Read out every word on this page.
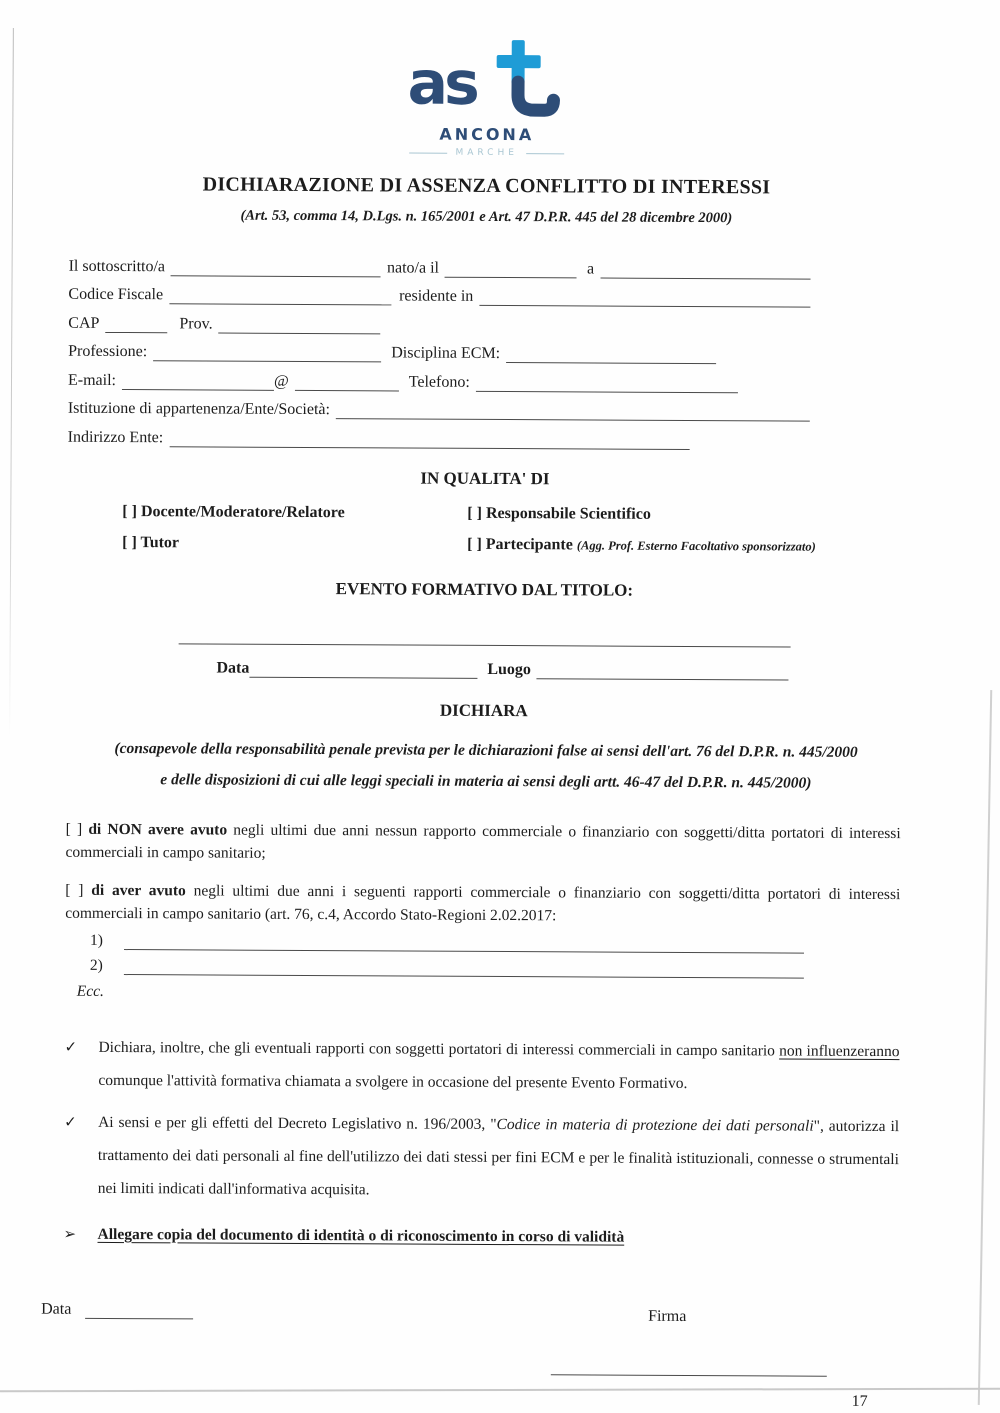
as
ANCONA
MARCHE
DICHIARAZIONE DI ASSENZA CONFLITTO DI INTERESSI
(Art. 53, comma 14, D.Lgs. n. 165/2001 e Art. 47 D.P.R. 445 del 28 dicembre 2000)
Il sottoscritto/a	nato/a il	a
Codice Fiscale	residente in
CAP	Prov.
Professione:	Disciplina ECM:
E-mail:	@	Telefono:
Istituzione di appartenenza/Ente/Società:
Indirizzo Ente:
IN QUALITA' DI
[ ] Docente/Moderatore/Relatore	[ ] Responsabile Scientifico
[ ] Tutor	[ ] Partecipante (Agg. Prof. Esterno Facoltativo sponsorizzato)
EVENTO FORMATIVO DAL TITOLO:
Data	Luogo
DICHIARA
(consapevole della responsabilità penale prevista per le dichiarazioni false ai sensi dell'art. 76 del D.P.R. n. 445/2000
e delle disposizioni di cui alle leggi speciali in materia ai sensi degli artt. 46-47 del D.P.R. n. 445/2000)

[ ] di NON avere avuto negli ultimi due anni nessun rapporto commerciale o finanziario con soggetti/ditta portatori di interessi commerciali in campo sanitario;

[ ] di aver avuto negli ultimi due anni i seguenti rapporti commerciale o finanziario con soggetti/ditta portatori di interessi commerciali in campo sanitario (art. 76, c.4, Accordo Stato-Regioni 2.02.2017:

1)
2)
Ecc.
✓	Dichiara, inoltre, che gli eventuali rapporti con soggetti portatori di interessi commerciali in campo sanitario non influenzeranno comunque l'attività formativa chiamata a svolgere in occasione del presente Evento Formativo.
✓	Ai sensi e per gli effetti del Decreto Legislativo n. 196/2003, "Codice in materia di protezione dei dati personali", autorizza il trattamento dei dati personali al fine dell'utilizzo dei dati stessi per fini ECM e per le finalità istituzionali, connesse o strumentali nei limiti indicati dall'informativa acquisita.
➢	Allegare copia del documento di identità o di riconoscimento in corso di validità
Data	Firma
17
